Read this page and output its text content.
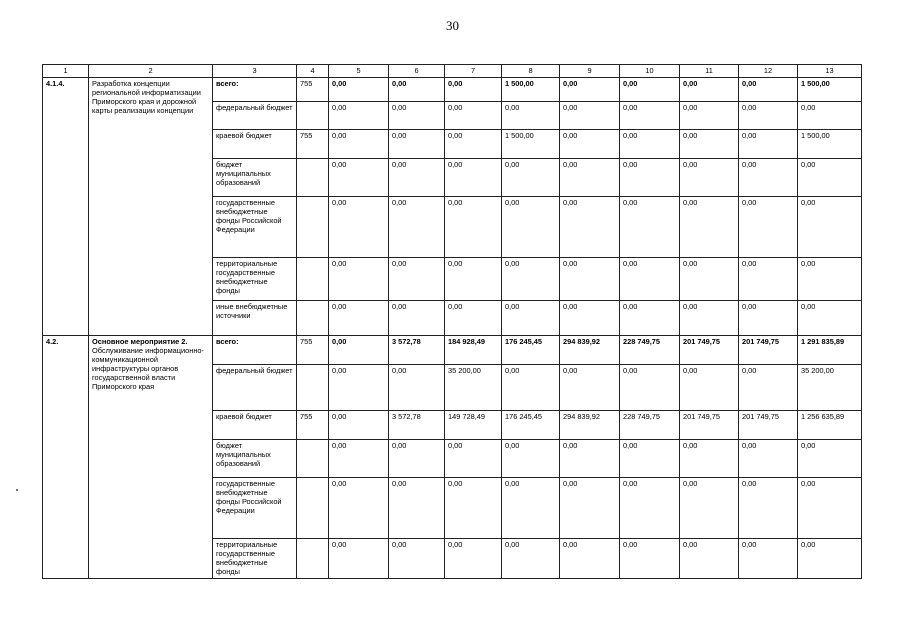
30
1	2	3	4	5	6	7	8	9	10	11	12	13
4.1.4.	Разработка концепции региональной информатизации Приморского края и дорожной карты реализации концепции	всего:	755	0,00	0,00	0,00	1 500,00	0,00	0,00	0,00	0,00	1 500,00
		федеральный бюджет		0,00	0,00	0,00	0,00	0,00	0,00	0,00	0,00	0,00
		краевой бюджет	755	0,00	0,00	0,00	1 500,00	0,00	0,00	0,00	0,00	1 500,00
		бюджет муниципальных образований		0,00	0,00	0,00	0,00	0,00	0,00	0,00	0,00	0,00
		государственные внебюджетные фонды Российской Федерации		0,00	0,00	0,00	0,00	0,00	0,00	0,00	0,00	0,00
		территориальные государственные внебюджетные фонды		0,00	0,00	0,00	0,00	0,00	0,00	0,00	0,00	0,00
		иные внебюджетные источники		0,00	0,00	0,00	0,00	0,00	0,00	0,00	0,00	0,00
4.2.	Основное мероприятие 2. Обслуживание информационно-коммуникационной инфраструктуры органов государственной власти Приморского края	всего:	755	0,00	3 572,78	184 928,49	176 245,45	294 839,92	228 749,75	201 749,75	201 749,75	1 291 835,89
		федеральный бюджет		0,00	0,00	35 200,00	0,00	0,00	0,00	0,00	0,00	35 200,00
		краевой бюджет	755	0,00	3 572,78	149 728,49	176 245,45	294 839,92	228 749,75	201 749,75	201 749,75	1 256 635,89
		бюджет муниципальных образований		0,00	0,00	0,00	0,00	0,00	0,00	0,00	0,00	0,00
		государственные внебюджетные фонды Российской Федерации		0,00	0,00	0,00	0,00	0,00	0,00	0,00	0,00	0,00
		территориальные государственные внебюджетные фонды		0,00	0,00	0,00	0,00	0,00	0,00	0,00	0,00	0,00
